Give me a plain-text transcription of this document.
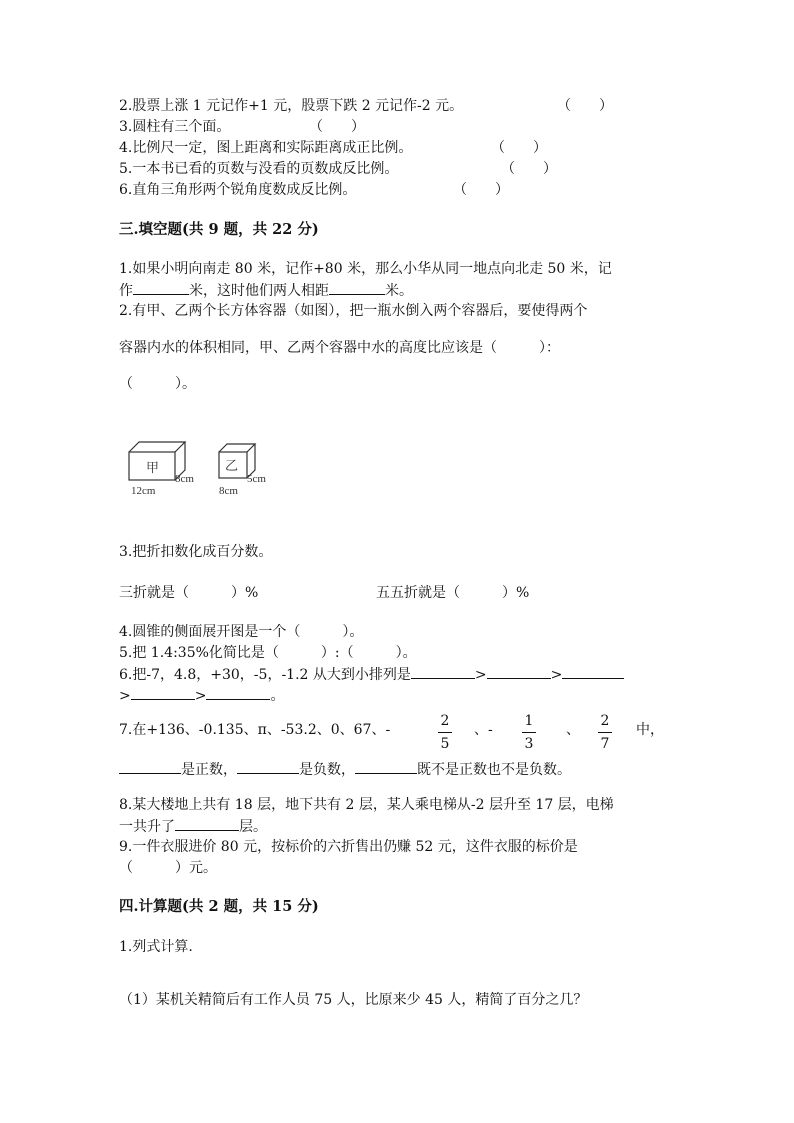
2.股票上涨 1 元记作+1 元，股票下跌 2 元记作-2 元。	（　　）
3.圆柱有三个面。	（　　）
4.比例尺一定，图上距离和实际距离成正比例。	（　　）
5.一本书已看的页数与没看的页数成反比例。	（　　）
6.直角三角形两个锐角度数成反比例。	（　　）
三.填空题(共 9 题，共 22 分)
1.如果小明向南走 80 米，记作+80 米，那么小华从同一地点向北走 50 米，记
作	米，这时他们两人相距	米。
2.有甲、乙两个长方体容器（如图），把一瓶水倒入两个容器后，要使得两个
容器内水的体积相同，甲、乙两个容器中水的高度比应该是（　　　）：
（　　　）。
甲
12cm
8cm
乙
8cm
5cm
3.把折扣数化成百分数。
三折就是（　　　）%	五五折就是（　　　）%
4.圆锥的侧面展开图是一个（　　　）。
5.把 1.4:35%化简比是（　　　）:（　　　）。
6.把-7，4.8，+30，-5，-1.2 从大到小排列是	>	>
>	>	。
7.在+136、-0.135、π、-53.2、0、67、-
2
5
、-
1
3
、
2
7
中，
是正数，	是负数，	既不是正数也不是负数。
8.某大楼地上共有 18 层，地下共有 2 层，某人乘电梯从-2 层升至 17 层，电梯
一共升了	层。
9.一件衣服进价 80 元，按标价的六折售出仍赚 52 元，这件衣服的标价是
（　　　）元。
四.计算题(共 2 题，共 15 分)
1.列式计算.
（1）某机关精简后有工作人员 75 人，比原来少 45 人，精简了百分之几？
